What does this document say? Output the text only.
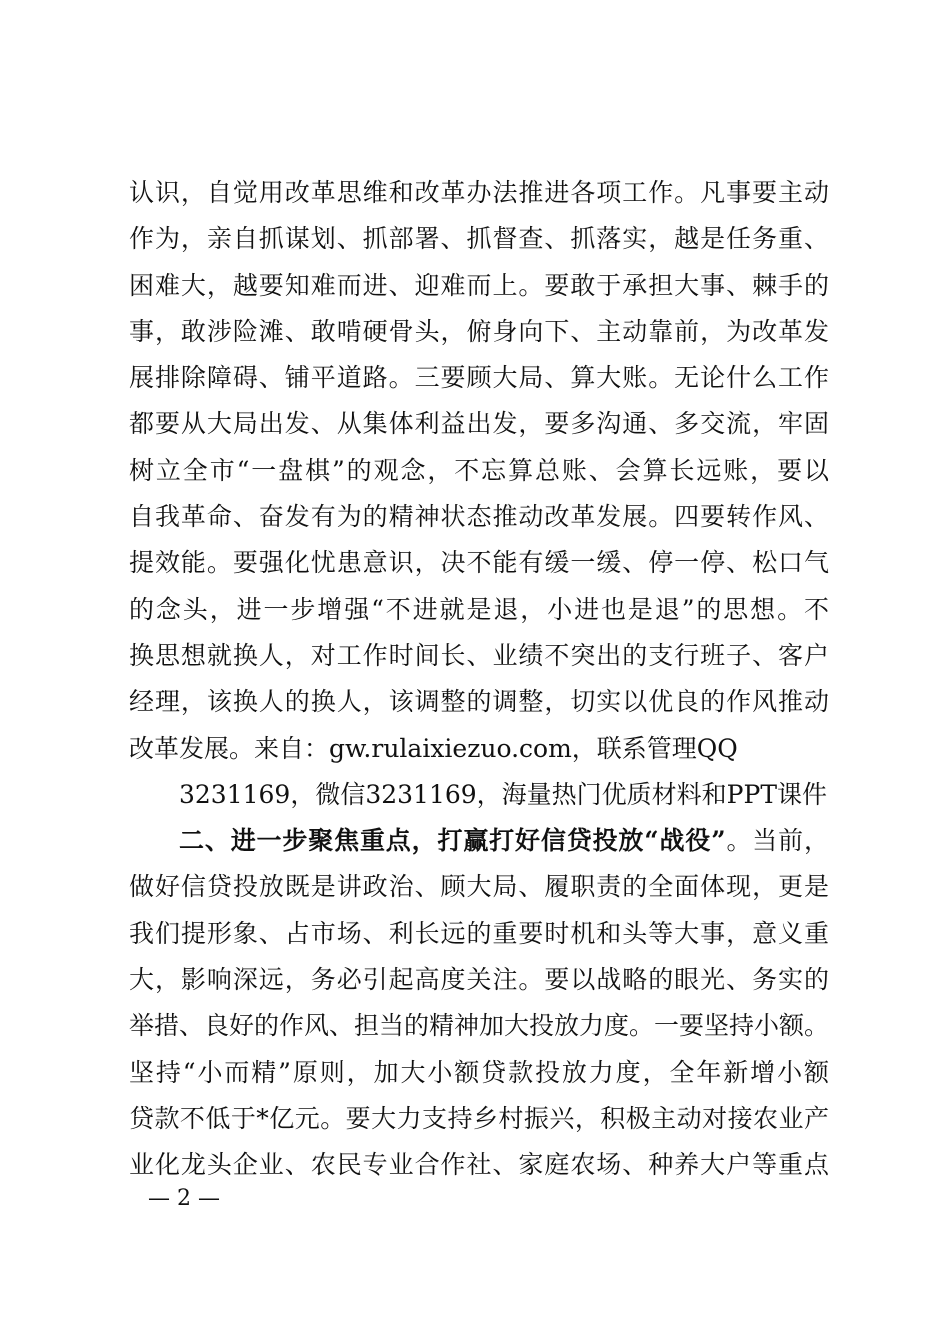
认识，自觉用改革思维和改革办法推进各项工作。凡事要主动
作为，亲自抓谋划、抓部署、抓督查、抓落实，越是任务重、
困难大，越要知难而进、迎难而上。要敢于承担大事、棘手的
事，敢涉险滩、敢啃硬骨头，俯身向下、主动靠前，为改革发
展排除障碍、铺平道路。三要顾大局、算大账。无论什么工作
都要从大局出发、从集体利益出发，要多沟通、多交流，牢固
树立全市“一盘棋”的观念，不忘算总账、会算长远账，要以
自我革命、奋发有为的精神状态推动改革发展。四要转作风、
提效能。要强化忧患意识，决不能有缓一缓、停一停、松口气
的念头，进一步增强“不进就是退，小进也是退”的思想。不
换思想就换人，对工作时间长、业绩不突出的支行班子、客户
经理，该换人的换人，该调整的调整，切实以优良的作风推动
改革发展。来自：gw.rulaixiezuo.com，联系管理QQ
3231169，微信3231169，海量热门优质材料和PPT课件
二、进一步聚焦重点，打赢打好信贷投放“战役”。当前，
做好信贷投放既是讲政治、顾大局、履职责的全面体现，更是
我们提形象、占市场、利长远的重要时机和头等大事，意义重
大，影响深远，务必引起高度关注。要以战略的眼光、务实的
举措、良好的作风、担当的精神加大投放力度。一要坚持小额。
坚持“小而精”原则，加大小额贷款投放力度，全年新增小额
贷款不低于*亿元。要大力支持乡村振兴，积极主动对接农业产
业化龙头企业、农民专业合作社、家庭农场、种养大户等重点
— 2 —
